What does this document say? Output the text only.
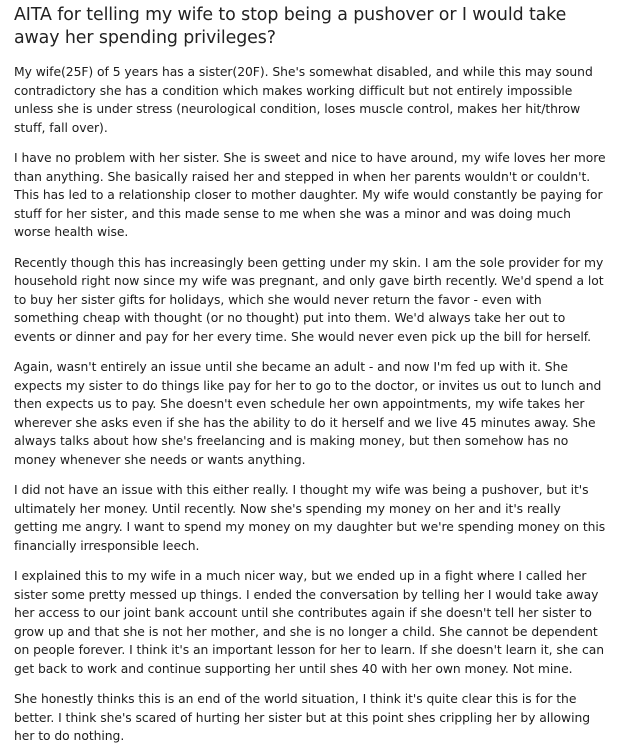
AITA for telling my wife to stop being a pushover or I would take away her spending privileges?

My wife(25F) of 5 years has a sister(20F). She's somewhat disabled, and while this may sound contradictory she has a condition which makes working difficult but not entirely impossible unless she is under stress (neurological condition, loses muscle control, makes her hit/throw stuff, fall over).

I have no problem with her sister. She is sweet and nice to have around, my wife loves her more than anything. She basically raised her and stepped in when her parents wouldn't or couldn't. This has led to a relationship closer to mother daughter. My wife would constantly be paying for stuff for her sister, and this made sense to me when she was a minor and was doing much worse health wise.

Recently though this has increasingly been getting under my skin. I am the sole provider for my household right now since my wife was pregnant, and only gave birth recently. We'd spend a lot to buy her sister gifts for holidays, which she would never return the favor - even with something cheap with thought (or no thought) put into them. We'd always take her out to events or dinner and pay for her every time. She would never even pick up the bill for herself.

Again, wasn't entirely an issue until she became an adult - and now I'm fed up with it. She expects my sister to do things like pay for her to go to the doctor, or invites us out to lunch and then expects us to pay. She doesn't even schedule her own appointments, my wife takes her wherever she asks even if she has the ability to do it herself and we live 45 minutes away. She always talks about how she's freelancing and is making money, but then somehow has no money whenever she needs or wants anything.

I did not have an issue with this either really. I thought my wife was being a pushover, but it's ultimately her money. Until recently. Now she's spending my money on her and it's really getting me angry. I want to spend my money on my daughter but we're spending money on this financially irresponsible leech.

I explained this to my wife in a much nicer way, but we ended up in a fight where I called her sister some pretty messed up things. I ended the conversation by telling her I would take away her access to our joint bank account until she contributes again if she doesn't tell her sister to grow up and that she is not her mother, and she is no longer a child. She cannot be dependent on people forever. I think it's an important lesson for her to learn. If she doesn't learn it, she can get back to work and continue supporting her until shes 40 with her own money. Not mine.

She honestly thinks this is an end of the world situation, I think it's quite clear this is for the better. I think she's scared of hurting her sister but at this point shes crippling her by allowing her to do nothing.
